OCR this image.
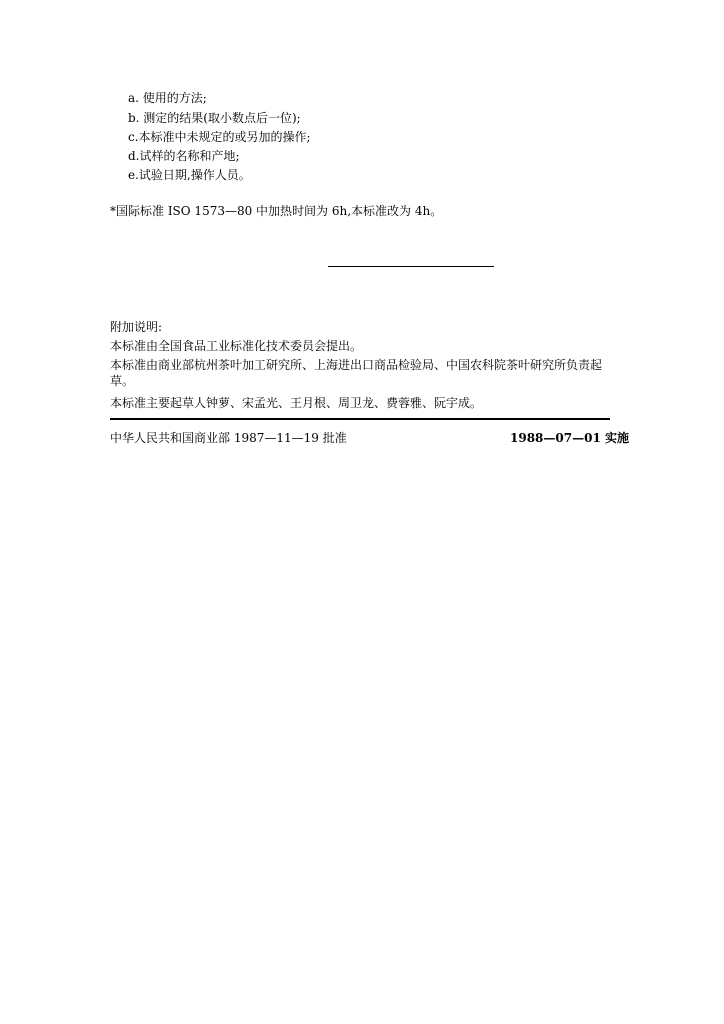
a. 使用的方法;
b. 测定的结果(取小数点后一位);
c.本标准中未规定的或另加的操作;
d.试样的名称和产地;
e.试验日期,操作人员。
*国际标准 ISO 1573—80 中加热时间为 6h,本标准改为 4h。
附加说明:
本标准由全国食品工业标准化技术委员会提出。
本标准由商业部杭州茶叶加工研究所、上海进出口商品检验局、中国农科院茶叶研究所负责起草。
本标准主要起草人钟萝、宋孟光、王月根、周卫龙、费蓉雅、阮宇成。
中华人民共和国商业部 1987—11—19 批准	1988—07—01 实施
